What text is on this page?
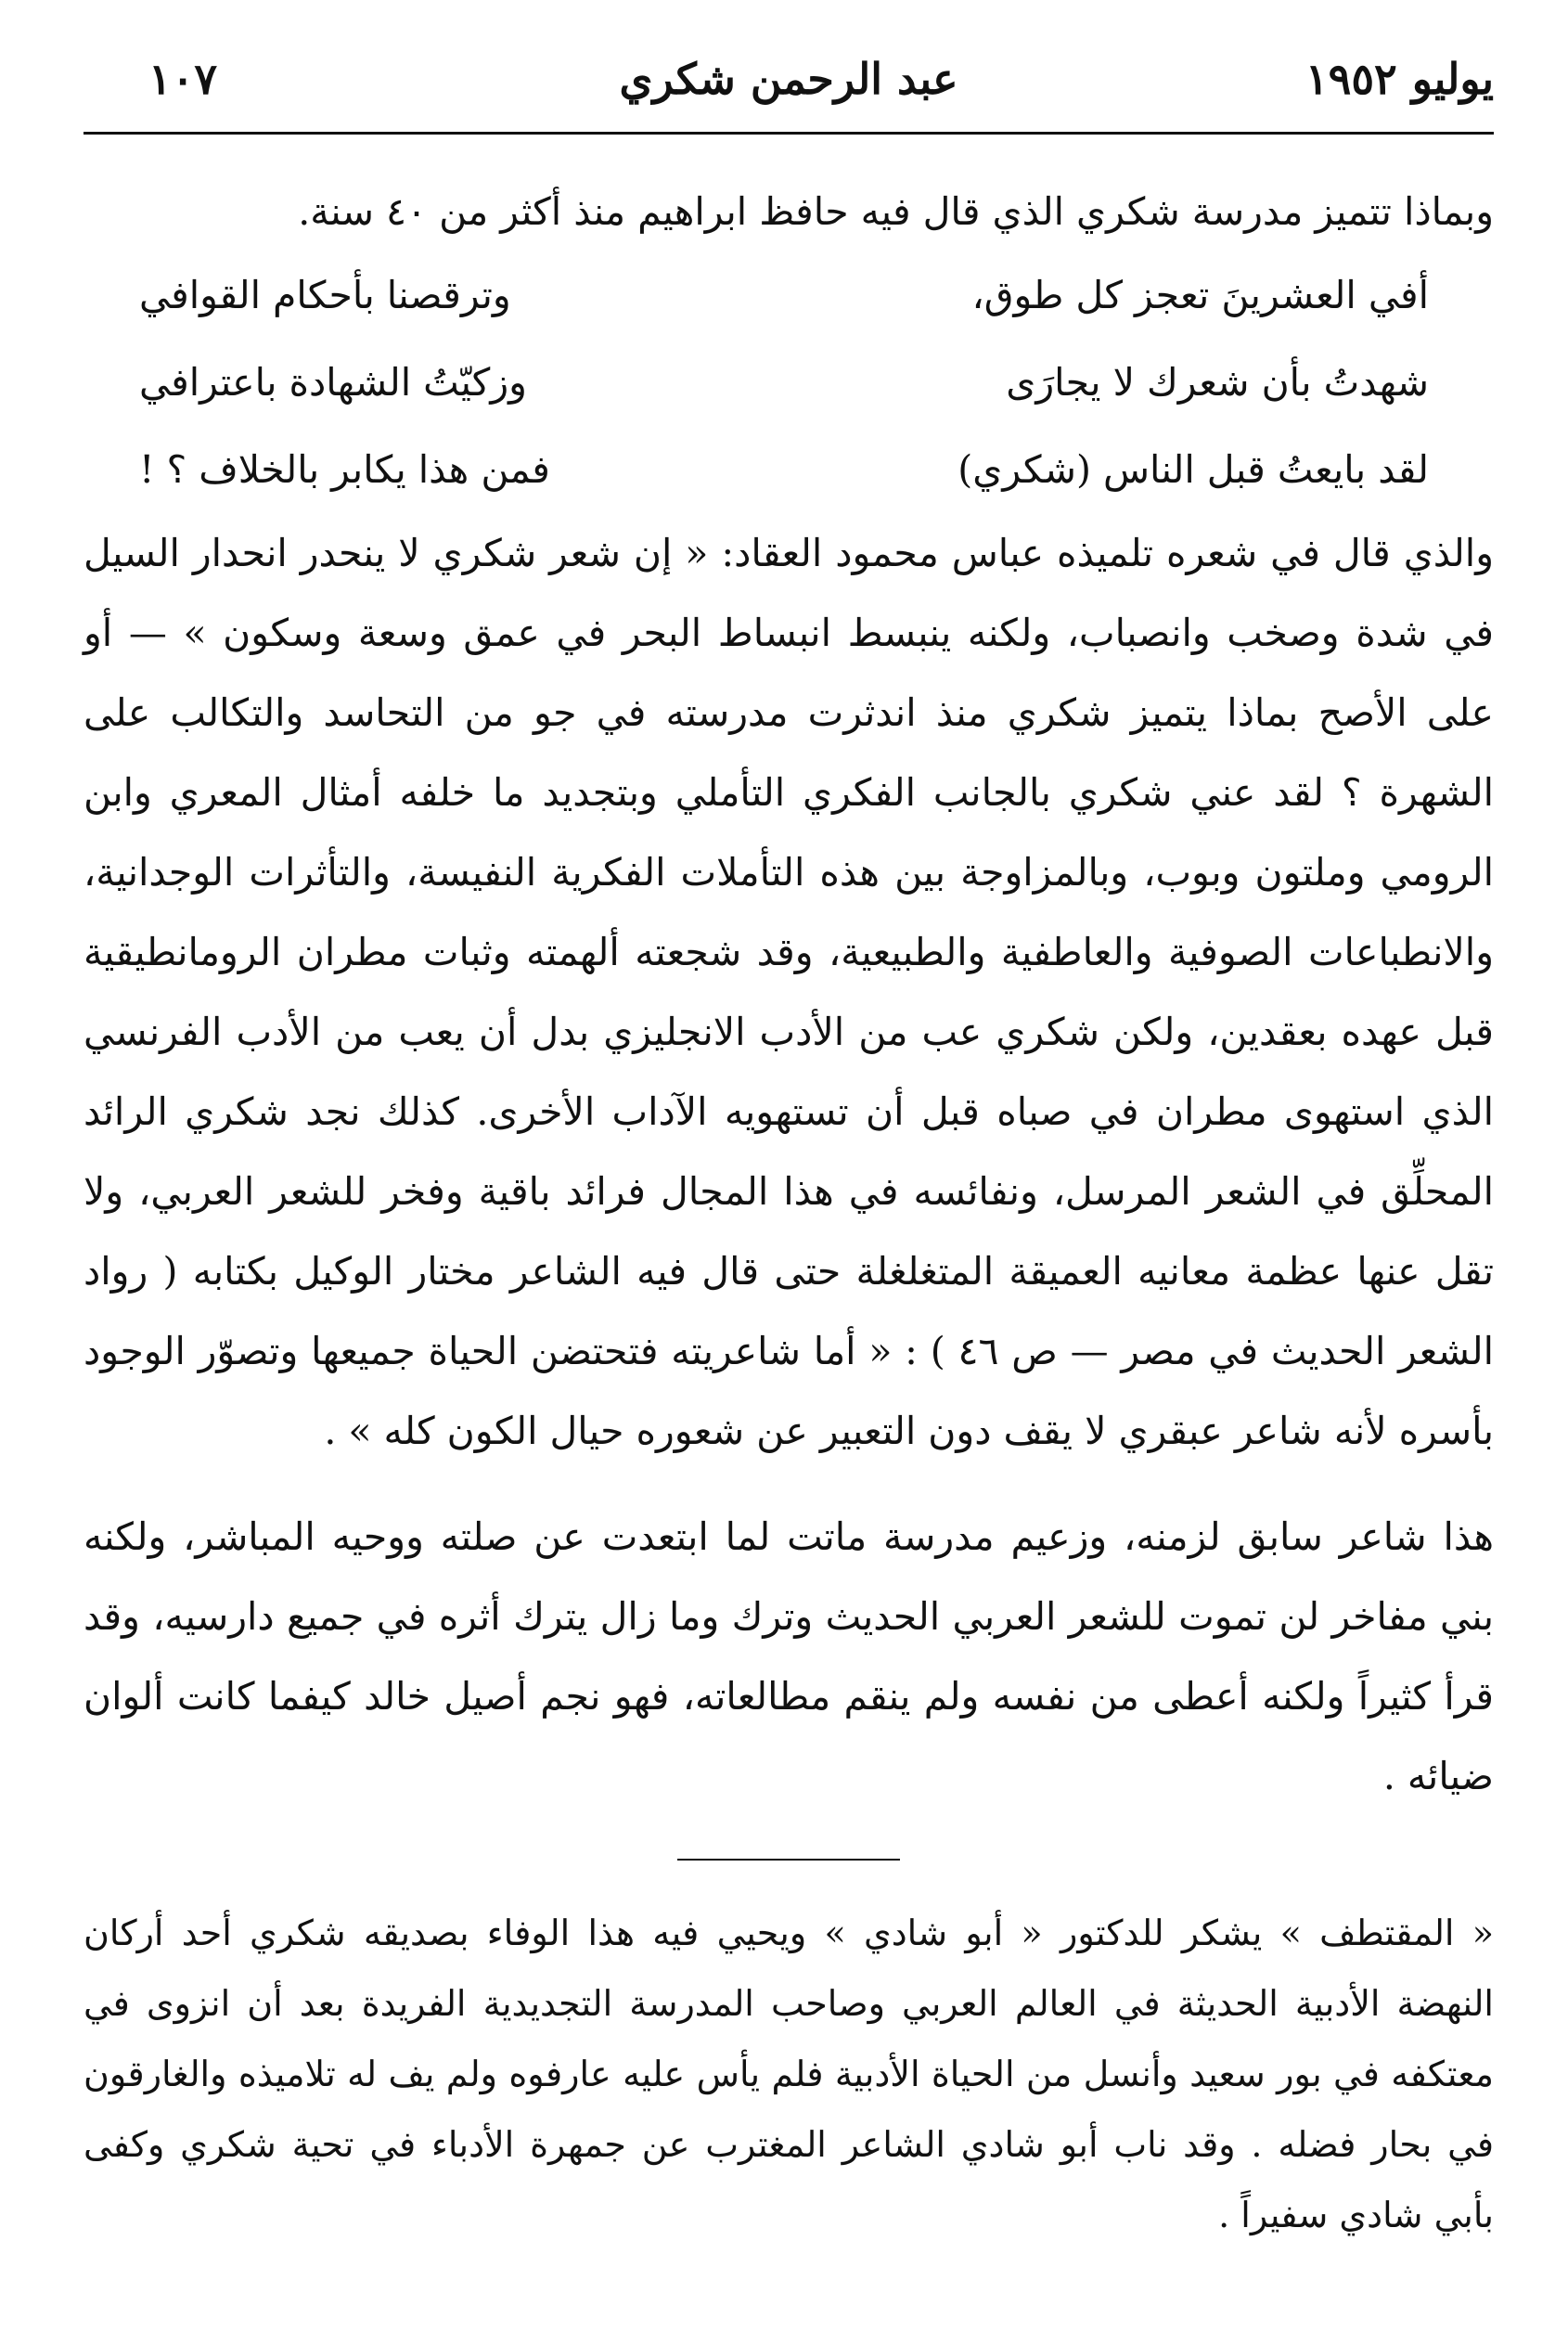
يوليو ١٩٥٢
عبد الرحمن شكري
١٠٧

وبماذا تتميز مدرسة شكري الذي قال فيه حافظ ابراهيم منذ أكثر من ٤٠ سنة.

أفي العشرينَ تعجز كل طوق،
وترقصنا بأحكام القوافي
شهدتُ بأن شعرك لا يجارَى
وزكيّتُ الشهادة باعترافي
لقد بايعتُ قبل الناس (شكري)
فمن هذا يكابر بالخلاف ؟ !

والذي قال في شعره تلميذه عباس محمود العقاد: « إن شعر شكري لا ينحدر انحدار السيل في شدة وصخب وانصباب، ولكنه ينبسط انبساط البحر في عمق وسعة وسكون » — أو على الأصح بماذا يتميز شكري منذ اندثرت مدرسته في جو من التحاسد والتكالب على الشهرة ؟ لقد عني شكري بالجانب الفكري التأملي وبتجديد ما خلفه أمثال المعري وابن الرومي وملتون وبوب، وبالمزاوجة بين هذه التأملات الفكرية النفيسة، والتأثرات الوجدانية، والانطباعات الصوفية والعاطفية والطبيعية، وقد شجعته ألهمته وثبات مطران الرومانطيقية قبل عهده بعقدين، ولكن شكري عب من الأدب الانجليزي بدل أن يعب من الأدب الفرنسي الذي استهوى مطران في صباه قبل أن تستهويه الآداب الأخرى. كذلك نجد شكري الرائد المحلِّق في الشعر المرسل، ونفائسه في هذا المجال فرائد باقية وفخر للشعر العربي، ولا تقل عنها عظمة معانيه العميقة المتغلغلة حتى قال فيه الشاعر مختار الوكيل بكتابه ( رواد الشعر الحديث في مصر — ص ٤٦ ) : « أما شاعريته فتحتضن الحياة جميعها وتصوّر الوجود بأسره لأنه شاعر عبقري لا يقف دون التعبير عن شعوره حيال الكون كله » .

هذا شاعر سابق لزمنه، وزعيم مدرسة ماتت لما ابتعدت عن صلته ووحيه المباشر، ولكنه بني مفاخر لن تموت للشعر العربي الحديث وترك وما زال يترك أثره في جميع دارسيه، وقد قرأ كثيراً ولكنه أعطى من نفسه ولم ينقم مطالعاته، فهو نجم أصيل خالد كيفما كانت ألوان ضيائه .

« المقتطف » يشكر للدكتور « أبو شادي » ويحيي فيه هذا الوفاء بصديقه شكري أحد أركان النهضة الأدبية الحديثة في العالم العربي وصاحب المدرسة التجديدية الفريدة بعد أن انزوى في معتكفه في بور سعيد وأنسل من الحياة الأدبية فلم يأس عليه عارفوه ولم يف له تلاميذه والغارقون في بحار فضله . وقد ناب أبو شادي الشاعر المغترب عن جمهرة الأدباء في تحية شكري وكفى بأبي شادي سفيراً .
